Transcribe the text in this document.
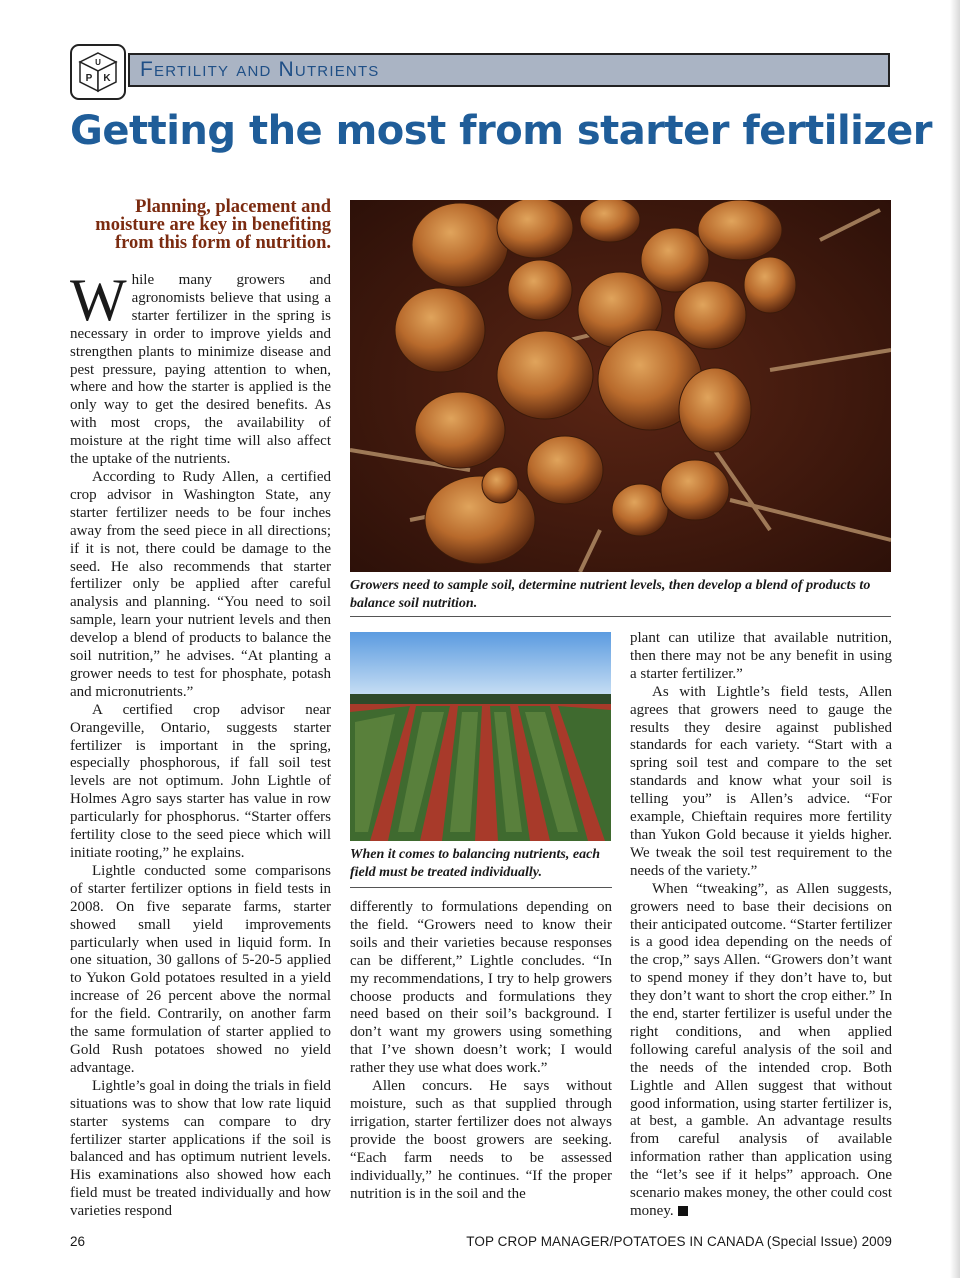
U
P K Fertility and Nutrients
Getting the most from starter fertilizer
Planning, placement and moisture are key in benefiting from this form of nutrition.

While many growers and agronomists believe that using a starter fertilizer in the spring is necessary in order to improve yields and strengthen plants to minimize disease and pest pressure, paying attention to when, where and how the starter is applied is the only way to get the desired benefits. As with most crops, the availability of moisture at the right time will also affect the uptake of the nutrients.

According to Rudy Allen, a certified crop advisor in Washington State, any starter fertilizer needs to be four inches away from the seed piece in all directions; if it is not, there could be damage to the seed. He also recommends that starter fertilizer only be applied after careful analysis and planning. “You need to soil sample, learn your nutrient levels and then develop a blend of products to balance the soil nutrition,” he advises. “At planting a grower needs to test for phosphate, potash and micronutrients.”

A certified crop advisor near Orangeville, Ontario, suggests starter fertilizer is important in the spring, especially phosphorous, if fall soil test levels are not optimum. John Lightle of Holmes Agro says starter has value in row particularly for phosphorus. “Starter offers fertility close to the seed piece which will initiate rooting,” he explains.

Lightle conducted some comparisons of starter fertilizer options in field tests in 2008. On five separate farms, starter showed small yield improvements particularly when used in liquid form. In one situation, 30 gallons of 5-20-5 applied to Yukon Gold potatoes resulted in a yield increase of 26 percent above the normal for the field. Contrarily, on another farm the same formulation of starter applied to Gold Rush potatoes showed no yield advantage.

Lightle’s goal in doing the trials in field situations was to show that low rate liquid starter systems can compare to dry fertilizer starter applications if the soil is balanced and has optimum nutrient levels. His examinations also showed how each field must be treated individually and how varieties respond

Growers need to sample soil, determine nutrient levels, then develop a blend of products to balance soil nutrition.
When it comes to balancing nutrients, each field must be treated individually.

differently to formulations depending on the field. “Growers need to know their soils and their varieties because responses can be different,” Lightle concludes. “In my recommendations, I try to help growers choose products and formulations they need based on their soil’s background. I don’t want my growers using something that I’ve shown doesn’t work; I would rather they use what does work.”

Allen concurs. He says without moisture, such as that supplied through irrigation, starter fertilizer does not always provide the boost growers are seeking. “Each farm needs to be assessed individually,” he continues. “If the proper nutrition is in the soil and the

plant can utilize that available nutrition, then there may not be any benefit in using a starter fertilizer.”

As with Lightle’s field tests, Allen agrees that growers need to gauge the results they desire against published standards for each variety. “Start with a spring soil test and compare to the set standards and know what your soil is telling you” is Allen’s advice. “For example, Chieftain requires more fertility than Yukon Gold because it yields higher. We tweak the soil test requirement to the needs of the variety.”

When “tweaking”, as Allen suggests, growers need to base their decisions on their anticipated outcome. “Starter fertilizer is a good idea depending on the needs of the crop,” says Allen. “Growers don’t want to spend money if they don’t have to, but they don’t want to short the crop either.” In the end, starter fertilizer is useful under the right conditions, and when applied following careful analysis of the soil and the needs of the intended crop. Both Lightle and Allen suggest that without good information, using starter fertilizer is, at best, a gamble. An advantage results from careful analysis of available information rather than application using the “let’s see if it helps” approach. One scenario makes money, the other could cost money.

26	TOP CROP MANAGER/POTATOES IN CANADA (Special Issue) 2009
